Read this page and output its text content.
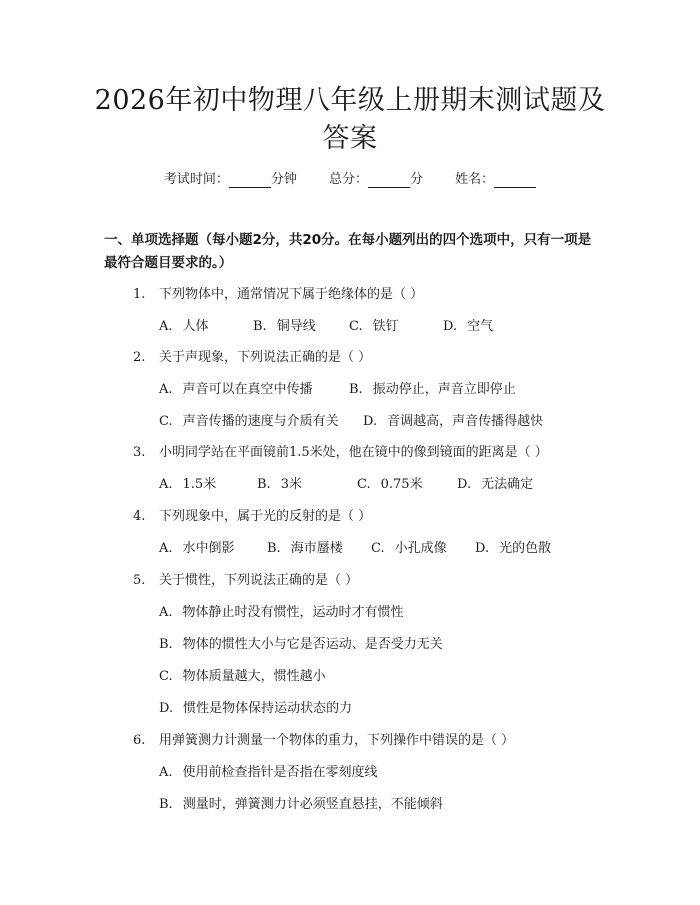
2026年初中物理八年级上册期末测试题及答案
考试时间：	分钟 总分：	分 姓名：
一、单项选择题（每小题2分，共20分。在每小题列出的四个选项中，只有一项是最符合题目要求的。）
1. 下列物体中，通常情况下属于绝缘体的是（ ）
A. 人体	B. 铜导线	C. 铁钉	D. 空气
2. 关于声现象，下列说法正确的是（ ）
A. 声音可以在真空中传播	B. 振动停止，声音立即停止
C. 声音传播的速度与介质有关 D. 音调越高，声音传播得越快
3. 小明同学站在平面镜前1.5米处，他在镜中的像到镜面的距离是（ ）
A. 1.5米	B. 3米	C. 0.75米	D. 无法确定
4. 下列现象中，属于光的反射的是（ ）
A. 水中倒影 B. 海市蜃楼 C. 小孔成像 D. 光的色散
5. 关于惯性，下列说法正确的是（ ）
A. 物体静止时没有惯性，运动时才有惯性
B. 物体的惯性大小与它是否运动、是否受力无关
C. 物体质量越大，惯性越小
D. 惯性是物体保持运动状态的力
6. 用弹簧测力计测量一个物体的重力，下列操作中错误的是（ ）
A. 使用前检查指针是否指在零刻度线
B. 测量时，弹簧测力计必须竖直悬挂，不能倾斜
